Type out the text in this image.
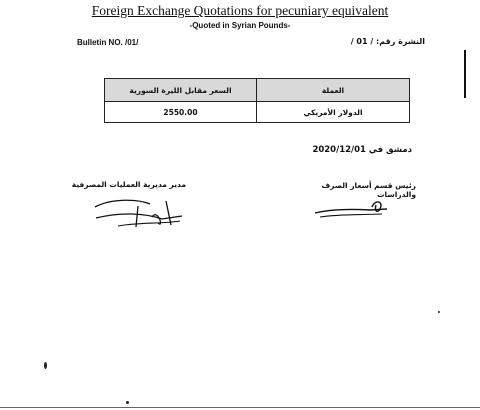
Foreign Exchange Quotations for pecuniary equivalent
-Quoted in Syrian Pounds-
Bulletin NO. /01/	النشرة رقم: / 01 /
السعر مقابل الليرة السورية	العملة
2550.00	الدولار الأمريكي
دمشق في 2020/12/01
مدير مديرية العمليات المصرفية	رئيس قسم أسعار الصرف والدراسات
